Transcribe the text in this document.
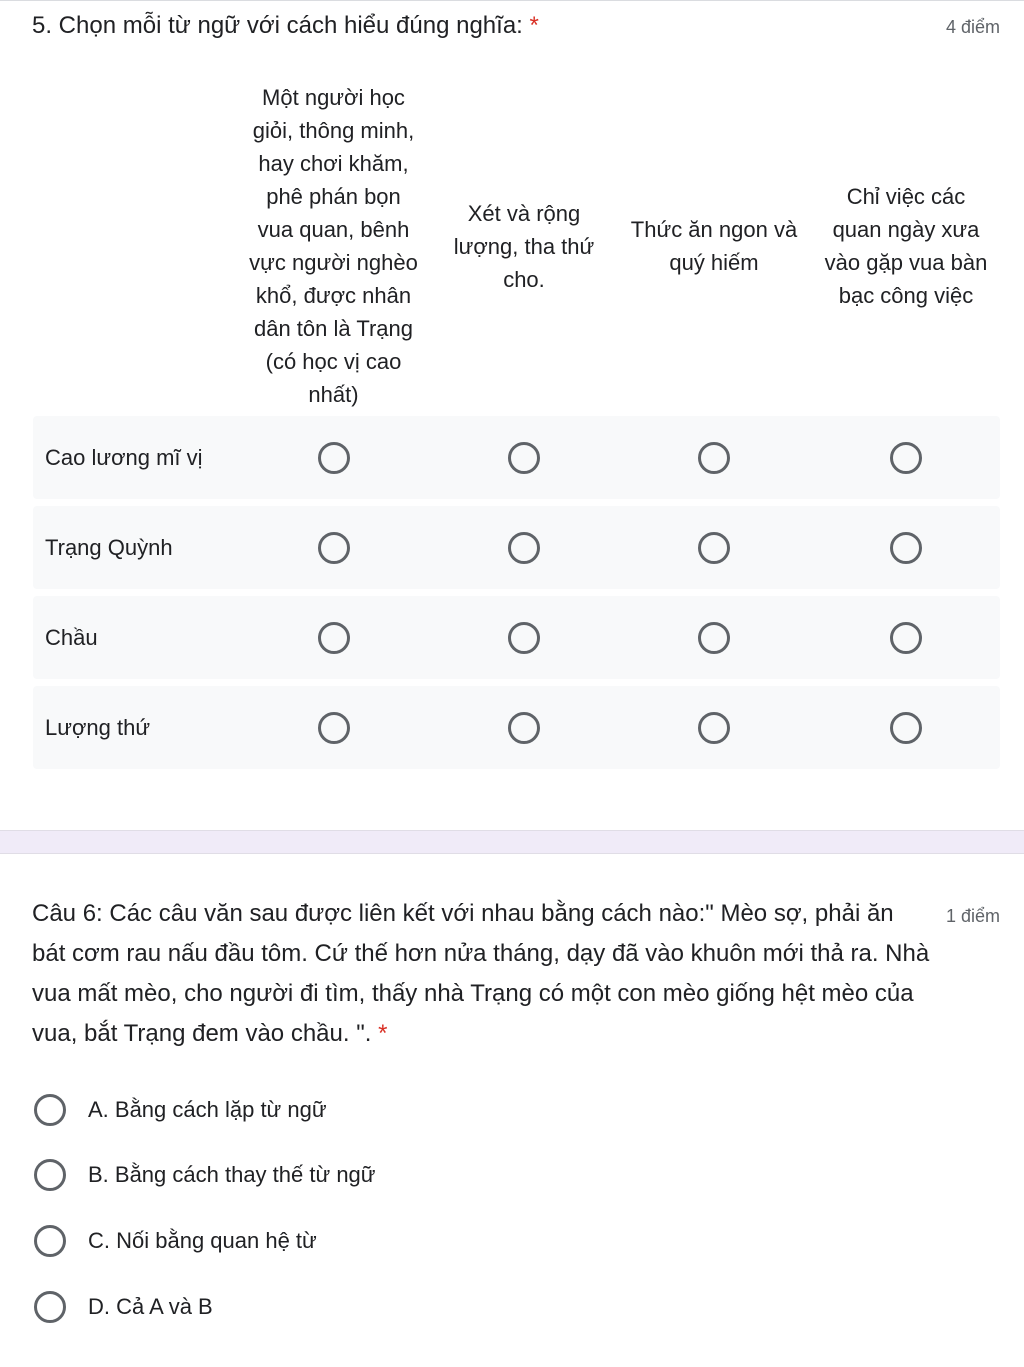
5. Chọn mỗi từ ngữ với cách hiểu đúng nghĩa: *	4 điểm
Một người học
giỏi, thông minh,
hay chơi khăm,
phê phán bọn
vua quan, bênh
vực người nghèo
khổ, được nhân
dân tôn là Trạng
(có học vị cao
nhất)
Xét và rộng
lượng, tha thứ
cho.
Thức ăn ngon và
quý hiếm
Chỉ việc các
quan ngày xưa
vào gặp vua bàn
bạc công việc
Cao lương mĩ vị
Trạng Quỳnh
Chầu
Lượng thứ
Câu 6: Các câu văn sau được liên kết với nhau bằng cách nào:" Mèo sợ, phải ăn bát cơm rau nấu đầu tôm. Cứ thế hơn nửa tháng, dạy đã vào khuôn mới thả ra. Nhà vua mất mèo, cho người đi tìm, thấy nhà Trạng có một con mèo giống hệt mèo của vua, bắt Trạng đem vào chầu. ". *
1 điểm
A. Bằng cách lặp từ ngữ
B. Bằng cách thay thế từ ngữ
C. Nối bằng quan hệ từ
D. Cả A và B
